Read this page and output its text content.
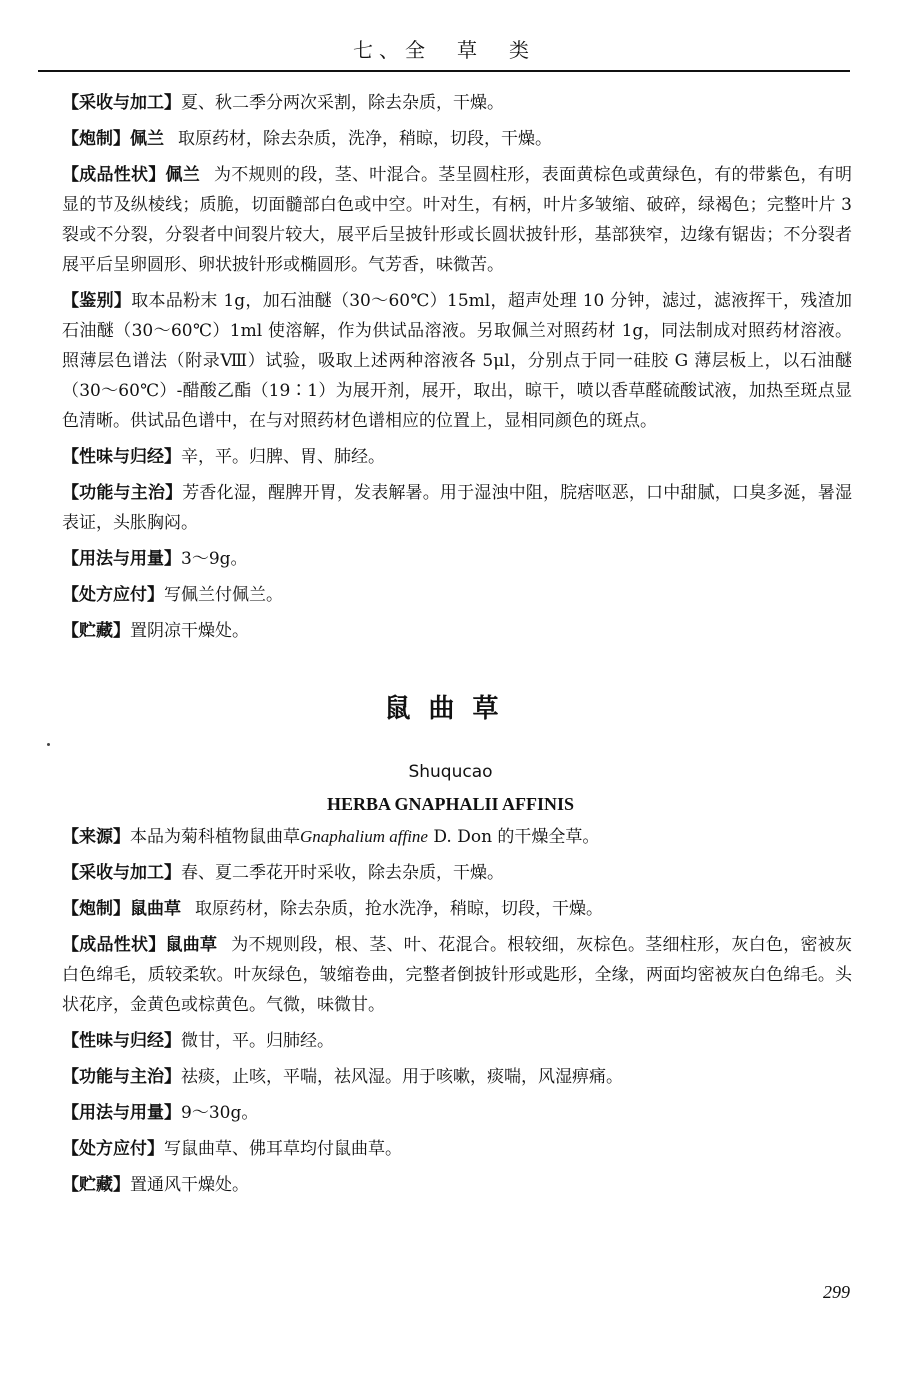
七、全　草　类

【采收与加工】夏、秋二季分两次采割，除去杂质，干燥。

【炮制】佩兰 取原药材，除去杂质，洗净，稍晾，切段，干燥。

【成品性状】佩兰 为不规则的段，茎、叶混合。茎呈圆柱形，表面黄棕色或黄绿色，有的带紫色，有明显的节及纵棱线；质脆，切面髓部白色或中空。叶对生，有柄，叶片多皱缩、破碎，绿褐色；完整叶片 3 裂或不分裂，分裂者中间裂片较大，展平后呈披针形或长圆状披针形，基部狭窄，边缘有锯齿；不分裂者展平后呈卵圆形、卵状披针形或椭圆形。气芳香，味微苦。

【鉴别】取本品粉末 1g，加石油醚（30～60℃）15ml，超声处理 10 分钟，滤过，滤液挥干，残渣加石油醚（30～60℃）1ml 使溶解，作为供试品溶液。另取佩兰对照药材 1g，同法制成对照药材溶液。照薄层色谱法（附录Ⅷ）试验，吸取上述两种溶液各 5μl，分别点于同一硅胶 G 薄层板上，以石油醚（30～60℃）-醋酸乙酯（19∶1）为展开剂，展开，取出，晾干，喷以香草醛硫酸试液，加热至斑点显色清晰。供试品色谱中，在与对照药材色谱相应的位置上，显相同颜色的斑点。

【性味与归经】辛，平。归脾、胃、肺经。

【功能与主治】芳香化湿，醒脾开胃，发表解暑。用于湿浊中阻，脘痞呕恶，口中甜腻，口臭多涎，暑湿表证，头胀胸闷。

【用法与用量】3～9g。

【处方应付】写佩兰付佩兰。

【贮藏】置阴凉干燥处。

鼠曲草
Shuqucao
HERBA GNAPHALII AFFINIS

【来源】本品为菊科植物鼠曲草Gnaphalium affine D. Don 的干燥全草。

【采收与加工】春、夏二季花开时采收，除去杂质，干燥。

【炮制】鼠曲草 取原药材，除去杂质，抢水洗净，稍晾，切段，干燥。

【成品性状】鼠曲草 为不规则段，根、茎、叶、花混合。根较细，灰棕色。茎细柱形，灰白色，密被灰白色绵毛，质较柔软。叶灰绿色，皱缩卷曲，完整者倒披针形或匙形，全缘，两面均密被灰白色绵毛。头状花序，金黄色或棕黄色。气微，味微甘。

【性味与归经】微甘，平。归肺经。

【功能与主治】祛痰，止咳，平喘，祛风湿。用于咳嗽，痰喘，风湿痹痛。

【用法与用量】9～30g。

【处方应付】写鼠曲草、佛耳草均付鼠曲草。

【贮藏】置通风干燥处。

299
